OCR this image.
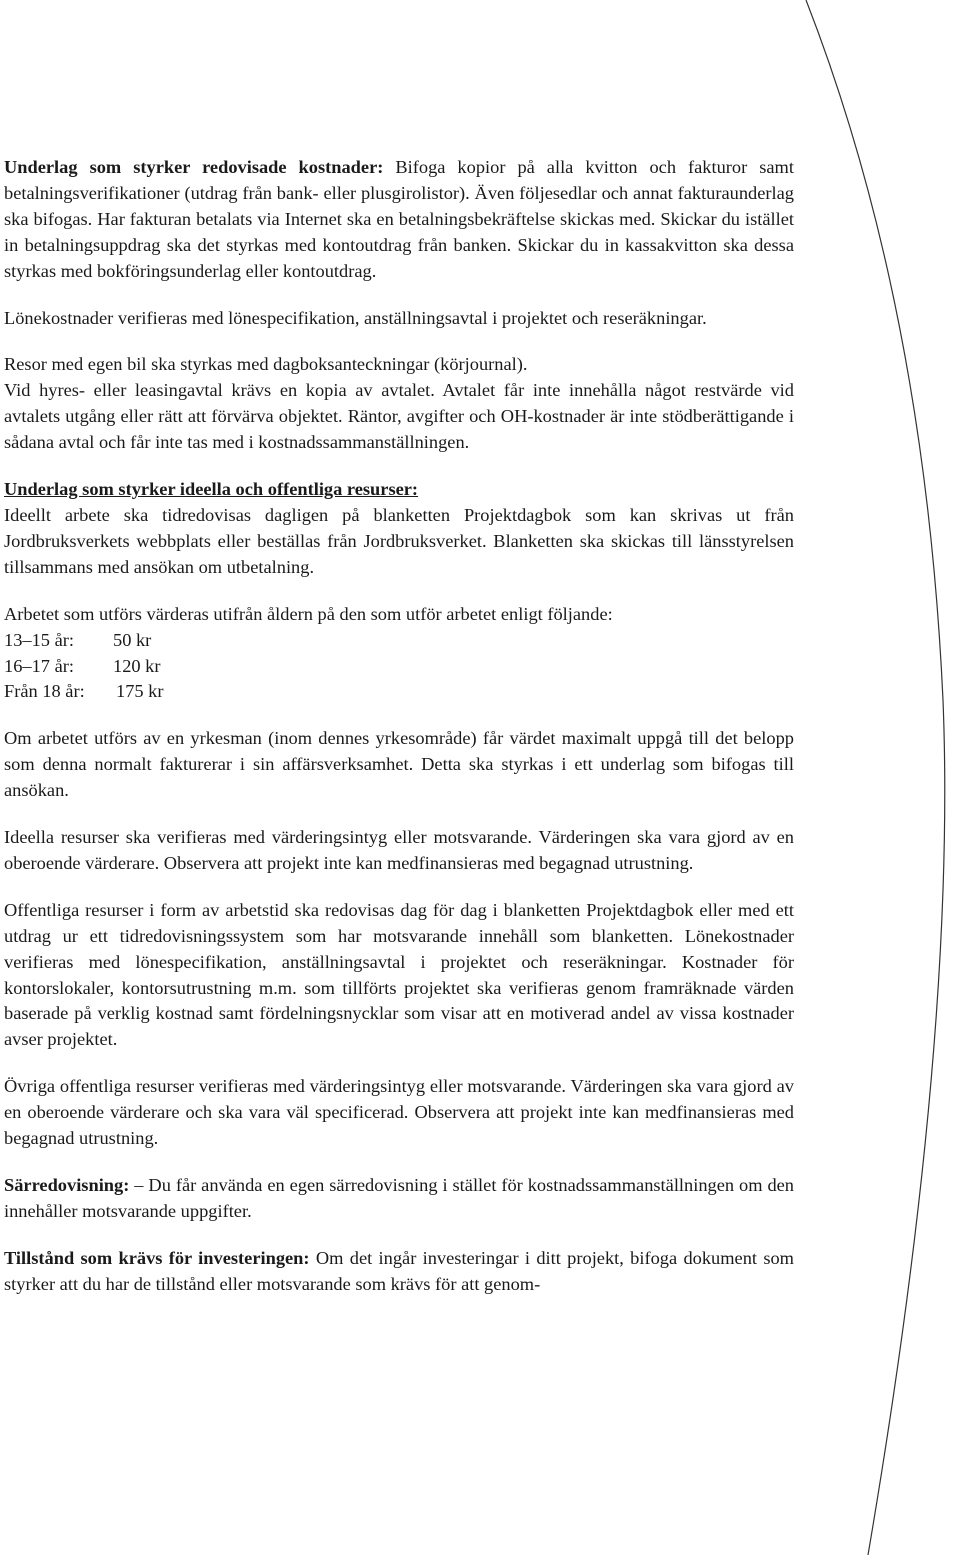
Underlag som styrker redovisade kostnader: Bifoga kopior på alla kvitton och fakturor samt betalningsverifikationer (utdrag från bank- eller plusgirolistor). Även följesedlar och annat fakturaunderlag ska bifogas. Har fakturan betalats via Internet ska en betalningsbekräftelse skickas med. Skickar du istället in betalningsuppdrag ska det styrkas med kontoutdrag från banken. Skickar du in kassakvitton ska dessa styrkas med bokföringsunderlag eller kontoutdrag.

Lönekostnader verifieras med lönespecifikation, anställningsavtal i projektet och reseräkningar.

Resor med egen bil ska styrkas med dagboksanteckningar (körjournal).

Vid hyres- eller leasingavtal krävs en kopia av avtalet. Avtalet får inte innehålla något restvärde vid avtalets utgång eller rätt att förvärva objektet. Räntor, avgifter och OH-kostnader är inte stödberättigande i sådana avtal och får inte tas med i kostnadssammanställningen.

Underlag som styrker ideella och offentliga resurser:

Ideellt arbete ska tidredovisas dagligen på blanketten Projektdagbok som kan skrivas ut från Jordbruksverkets webbplats eller beställas från Jordbruksverket. Blanketten ska skickas till länsstyrelsen tillsammans med ansökan om utbetalning.

Arbetet som utförs värderas utifrån åldern på den som utför arbetet enligt följande:

13–15 år:	50 kr
16–17 år:	120 kr
Från 18 år:	175 kr

Om arbetet utförs av en yrkesman (inom dennes yrkesområde) får värdet maximalt uppgå till det belopp som denna normalt fakturerar i sin affärsverksamhet. Detta ska styrkas i ett underlag som bifogas till ansökan.

Ideella resurser ska verifieras med värderingsintyg eller motsvarande. Värderingen ska vara gjord av en oberoende värderare. Observera att projekt inte kan medfinansieras med begagnad utrustning.

Offentliga resurser i form av arbetstid ska redovisas dag för dag i blanketten Projektdagbok eller med ett utdrag ur ett tidredovisningssystem som har motsvarande innehåll som blanketten. Lönekostnader verifieras med lönespecifikation, anställningsavtal i projektet och reseräkningar. Kostnader för kontorslokaler, kontorsutrustning m.m. som tillförts projektet ska verifieras genom framräknade värden baserade på verklig kostnad samt fördelningsnycklar som visar att en motiverad andel av vissa kostnader avser projektet.

Övriga offentliga resurser verifieras med värderingsintyg eller motsvarande. Värderingen ska vara gjord av en oberoende värderare och ska vara väl specificerad. Observera att projekt inte kan medfinansieras med begagnad utrustning.

Särredovisning: – Du får använda en egen särredovisning i stället för kostnadssammanställningen om den innehåller motsvarande uppgifter.

Tillstånd som krävs för investeringen: Om det ingår investeringar i ditt projekt, bifoga dokument som styrker att du har de tillstånd eller motsvarande som krävs för att genom-
